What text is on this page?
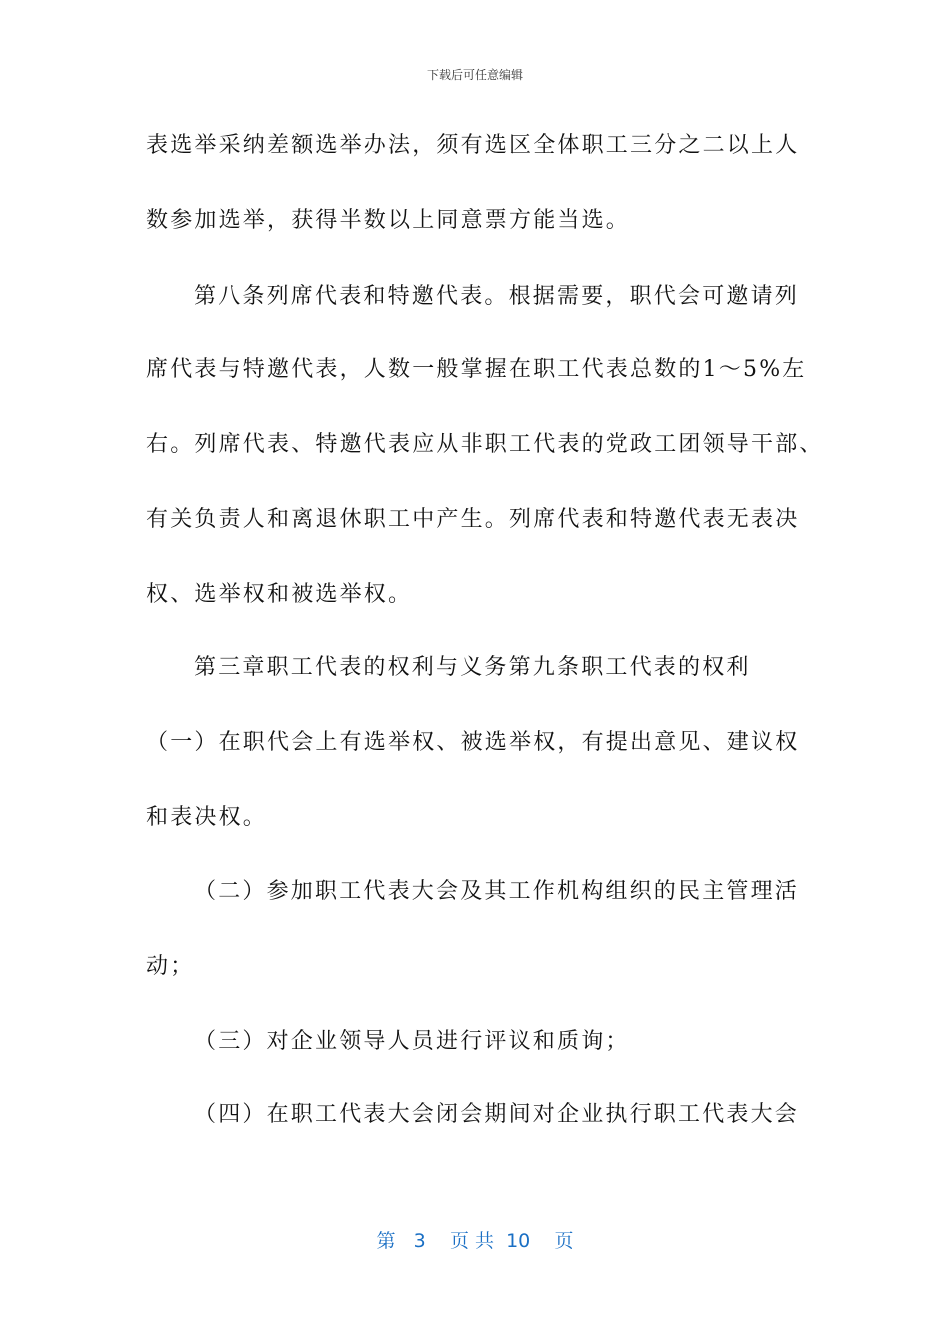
下载后可任意编辑
表选举采纳差额选举办法，须有选区全体职工三分之二以上人
数参加选举，获得半数以上同意票方能当选。
第八条列席代表和特邀代表。根据需要，职代会可邀请列
席代表与特邀代表，人数一般掌握在职工代表总数的1～5%左
右。列席代表、特邀代表应从非职工代表的党政工团领导干部、
有关负责人和离退休职工中产生。列席代表和特邀代表无表决
权、选举权和被选举权。
第三章职工代表的权利与义务第九条职工代表的权利
（一）在职代会上有选举权、被选举权，有提出意见、建议权
和表决权。
（二）参加职工代表大会及其工作机构组织的民主管理活
动；
（三）对企业领导人员进行评议和质询；
（四）在职工代表大会闭会期间对企业执行职工代表大会
第 3 页 共 10 页
